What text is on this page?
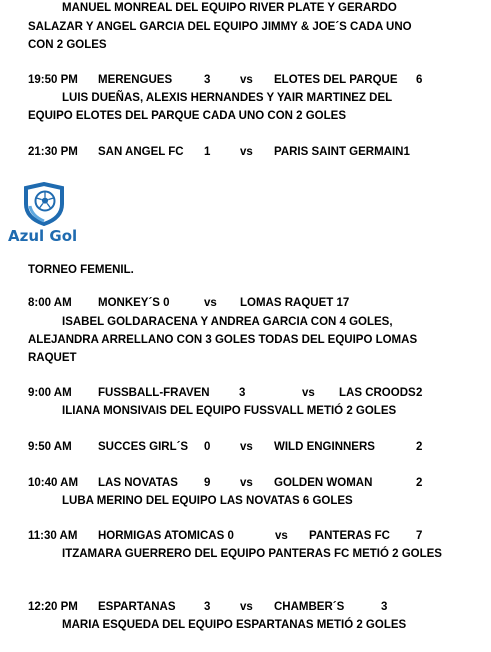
MANUEL MONREAL DEL EQUIPO RIVER PLATE Y GERARDO
SALAZAR Y ANGEL GARCIA DEL EQUIPO JIMMY & JOE´S CADA UNO
CON 2 GOLES
19:50 PM MERENGUES	3	vs ELOTES DEL PARQUE 6
LUIS DUEÑAS, ALEXIS HERNANDES Y YAIR MARTINEZ DEL
EQUIPO ELOTES DEL PARQUE CADA UNO CON 2 GOLES
21:30 PM SAN ANGEL FC 1	vs PARIS SAINT GERMAIN1
Azul Gol
TORNEO FEMENIL.
8:00 AM MONKEY´S 0	vs LOMAS RAQUET 17
ISABEL GOLDARACENA Y ANDREA GARCIA CON 4 GOLES,
ALEJANDRA ARRELLANO CON 3 GOLES TODAS DEL EQUIPO LOMAS
RAQUET
9:00 AM FUSSBALL-FRAVEN	3	vs LAS CROODS 2
ILIANA MONSIVAIS DEL EQUIPO FUSSVALL METIÓ 2 GOLES
9:50 AM SUCCES GIRL´S 0	vs WILD ENGINNERS	2
10:40 AM LAS NOVATAS 9	vs GOLDEN WOMAN	2
LUBA MERINO DEL EQUIPO LAS NOVATAS 6 GOLES
11:30 AM HORMIGAS ATOMICAS 0	vs PANTERAS FC 7
ITZAMARA GUERRERO DEL EQUIPO PANTERAS FC METIÓ 2 GOLES
12:20 PM ESPARTANAS 3	vs CHAMBER´S	3
MARIA ESQUEDA DEL EQUIPO ESPARTANAS METIÓ 2 GOLES
